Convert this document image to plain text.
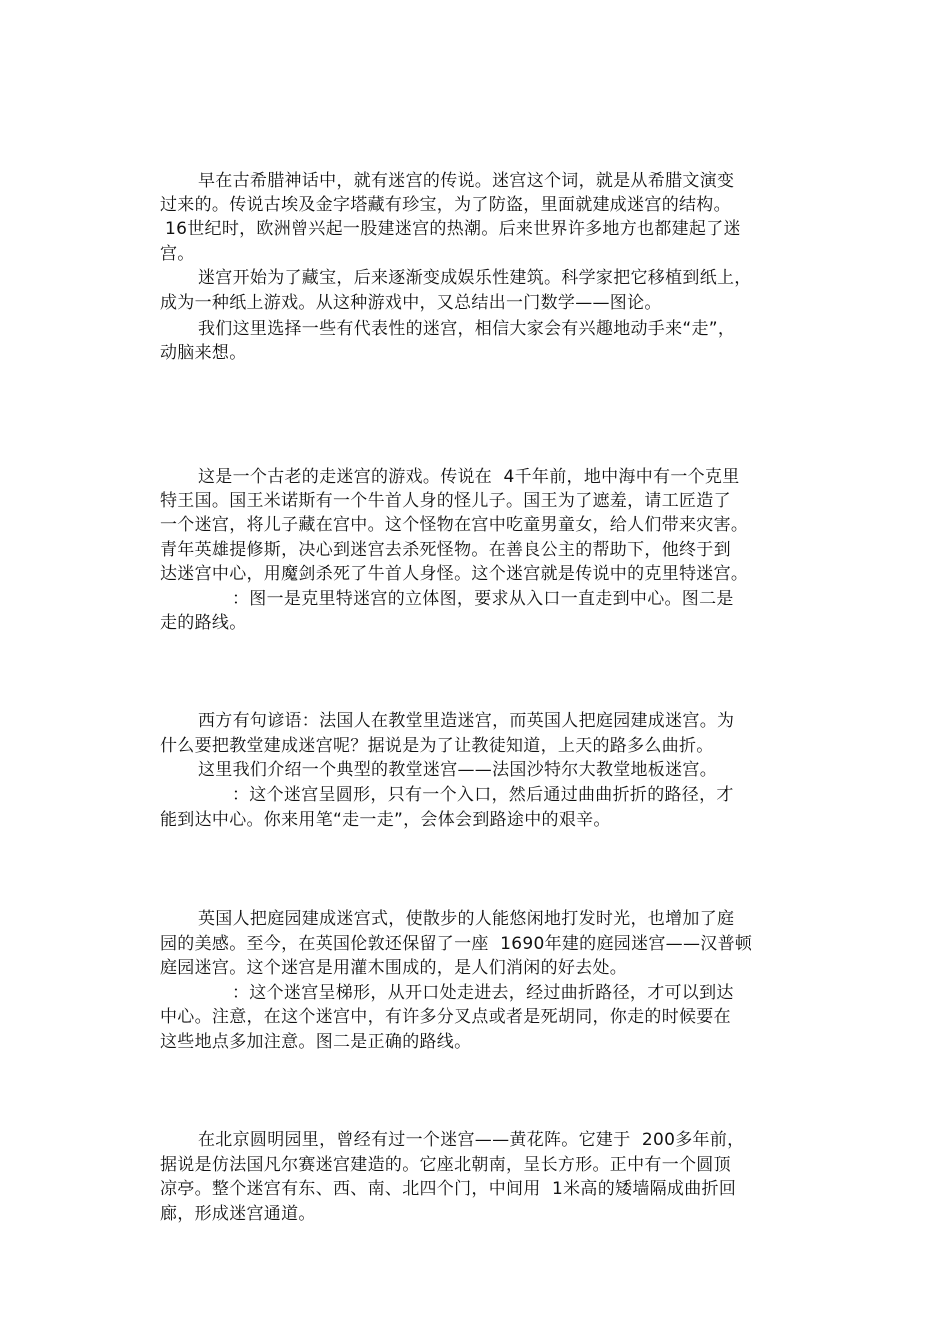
早在古希腊神话中，就有迷宫的传说。迷宫这个词，就是从希腊文演变
过来的。传说古埃及金字塔藏有珍宝，为了防盗，里面就建成迷宫的结构。
16世纪时，欧洲曾兴起一股建迷宫的热潮。后来世界许多地方也都建起了迷
宫。
迷宫开始为了藏宝，后来逐渐变成娱乐性建筑。科学家把它移植到纸上，
成为一种纸上游戏。从这种游戏中，又总结出一门数学——图论。
我们这里选择一些有代表性的迷宫，相信大家会有兴趣地动手来“走”，
动脑来想。
这是一个古老的走迷宫的游戏。传说在  4千年前，地中海中有一个克里
特王国。国王米诺斯有一个牛首人身的怪儿子。国王为了遮羞，请工匠造了
一个迷宫，将儿子藏在宫中。这个怪物在宫中吃童男童女，给人们带来灾害。
青年英雄提修斯，决心到迷宫去杀死怪物。在善良公主的帮助下，他终于到
达迷宫中心，用魔剑杀死了牛首人身怪。这个迷宫就是传说中的克里特迷宫。
：图一是克里特迷宫的立体图，要求从入口一直走到中心。图二是
走的路线。
西方有句谚语：法国人在教堂里造迷宫，而英国人把庭园建成迷宫。为
什么要把教堂建成迷宫呢？据说是为了让教徒知道，上天的路多么曲折。
这里我们介绍一个典型的教堂迷宫——法国沙特尔大教堂地板迷宫。
：这个迷宫呈圆形，只有一个入口，然后通过曲曲折折的路径，才
能到达中心。你来用笔“走一走”，会体会到路途中的艰辛。
英国人把庭园建成迷宫式，使散步的人能悠闲地打发时光，也增加了庭
园的美感。至今，在英国伦敦还保留了一座  1690年建的庭园迷宫——汉普顿
庭园迷宫。这个迷宫是用灌木围成的，是人们消闲的好去处。
：这个迷宫呈梯形，从开口处走进去，经过曲折路径，才可以到达
中心。注意，在这个迷宫中，有许多分叉点或者是死胡同，你走的时候要在
这些地点多加注意。图二是正确的路线。
在北京圆明园里，曾经有过一个迷宫——黄花阵。它建于  200多年前，
据说是仿法国凡尔赛迷宫建造的。它座北朝南，呈长方形。正中有一个圆顶
凉亭。整个迷宫有东、西、南、北四个门，中间用  1米高的矮墙隔成曲折回
廊，形成迷宫通道。
